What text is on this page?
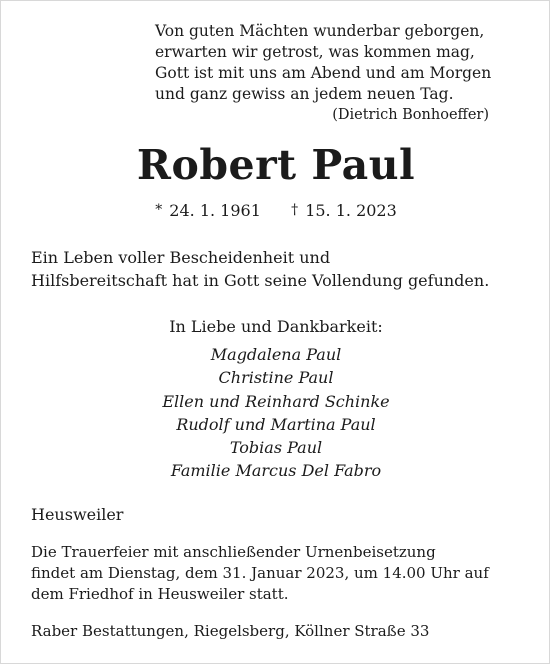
Von guten Mächten wunderbar geborgen,
erwarten wir getrost, was kommen mag,
Gott ist mit uns am Abend und am Morgen
und ganz gewiss an jedem neuen Tag.
(Dietrich Bonhoeffer)
Robert Paul
* 24. 1. 1961 † 15. 1. 2023
Ein Leben voller Bescheidenheit und
Hilfsbereitschaft hat in Gott seine Vollendung gefunden.
In Liebe und Dankbarkeit:
Magdalena Paul
Christine Paul
Ellen und Reinhard Schinke
Rudolf und Martina Paul
Tobias Paul
Familie Marcus Del Fabro
Heusweiler
Die Trauerfeier mit anschließender Urnenbeisetzung
findet am Dienstag, dem 31. Januar 2023, um 14.00 Uhr auf
dem Friedhof in Heusweiler statt.
Raber Bestattungen, Riegelsberg, Köllner Straße 33
